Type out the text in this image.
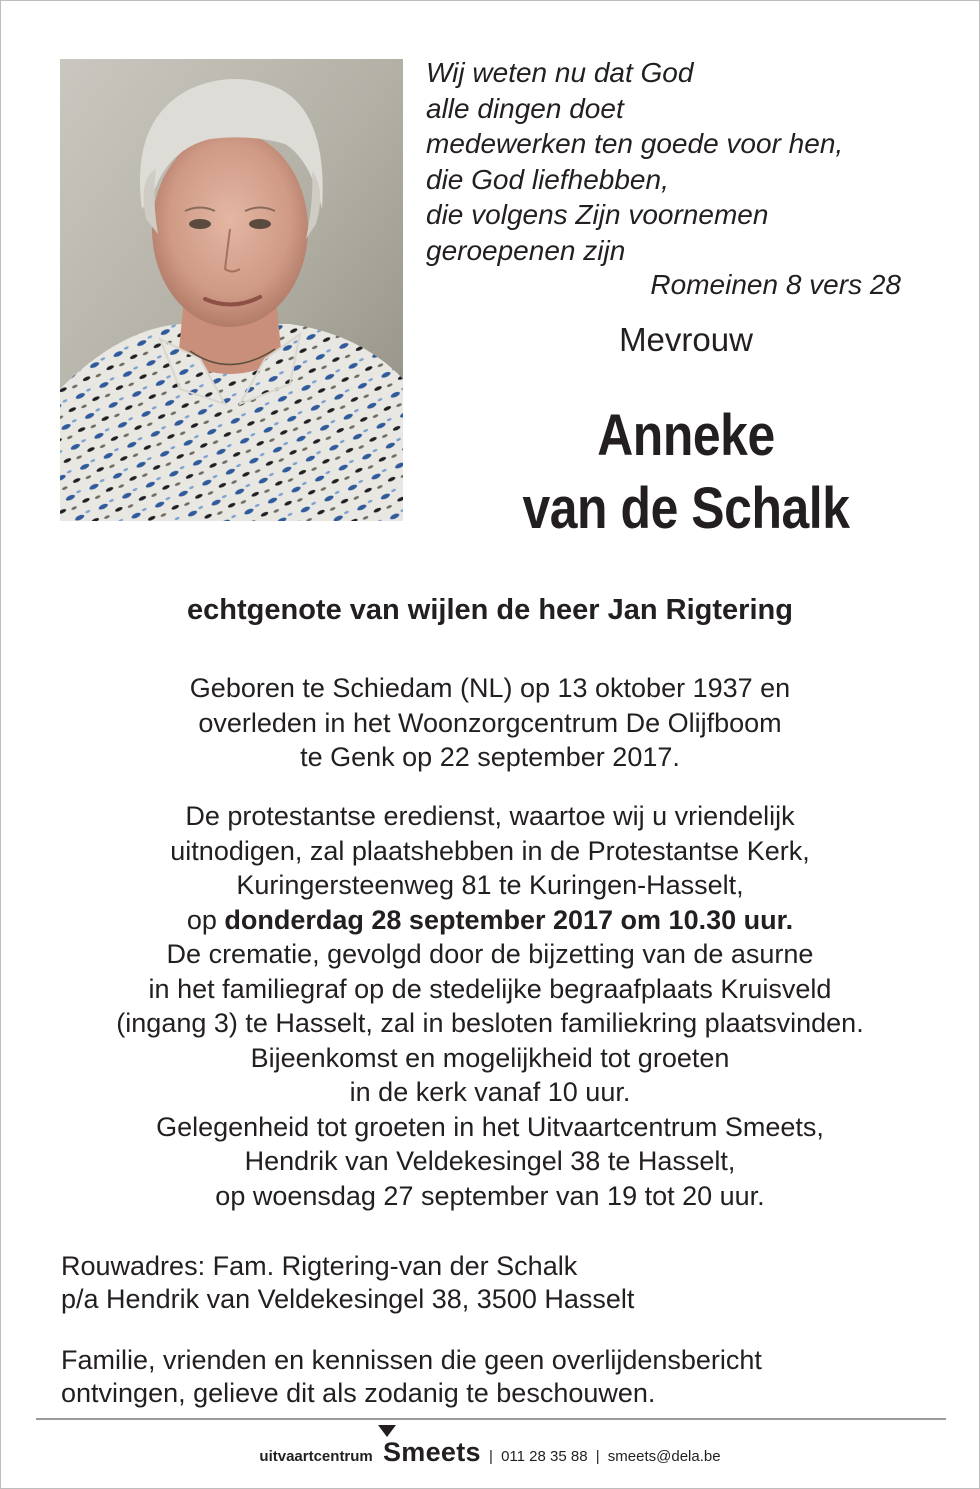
Wij weten nu dat God
alle dingen doet
medewerken ten goede voor hen,
die God liefhebben,
die volgens Zijn voornemen
geroepenen zijn
Romeinen 8 vers 28
Mevrouw
Anneke
van de Schalk
echtgenote van wijlen de heer Jan Rigtering
Geboren te Schiedam (NL) op 13 oktober 1937 en
overleden in het Woonzorgcentrum De Olijfboom
te Genk op 22 september 2017.
De protestantse eredienst, waartoe wij u vriendelijk
uitnodigen, zal plaatshebben in de Protestantse Kerk,
Kuringersteenweg 81 te Kuringen-Hasselt,
op donderdag 28 september 2017 om 10.30 uur.
De crematie, gevolgd door de bijzetting van de asurne
in het familiegraf op de stedelijke begraafplaats Kruisveld
(ingang 3) te Hasselt, zal in besloten familiekring plaatsvinden.
Bijeenkomst en mogelijkheid tot groeten
in de kerk vanaf 10 uur.
Gelegenheid tot groeten in het Uitvaartcentrum Smeets,
Hendrik van Veldekesingel 38 te Hasselt,
op woensdag 27 september van 19 tot 20 uur.
Rouwadres: Fam. Rigtering-van der Schalk
p/a Hendrik van Veldekesingel 38, 3500 Hasselt
Familie, vrienden en kennissen die geen overlijdensbericht
ontvingen, gelieve dit als zodanig te beschouwen.
uitvaartcentrum Smeets | 011 28 35 88 | smeets@dela.be
